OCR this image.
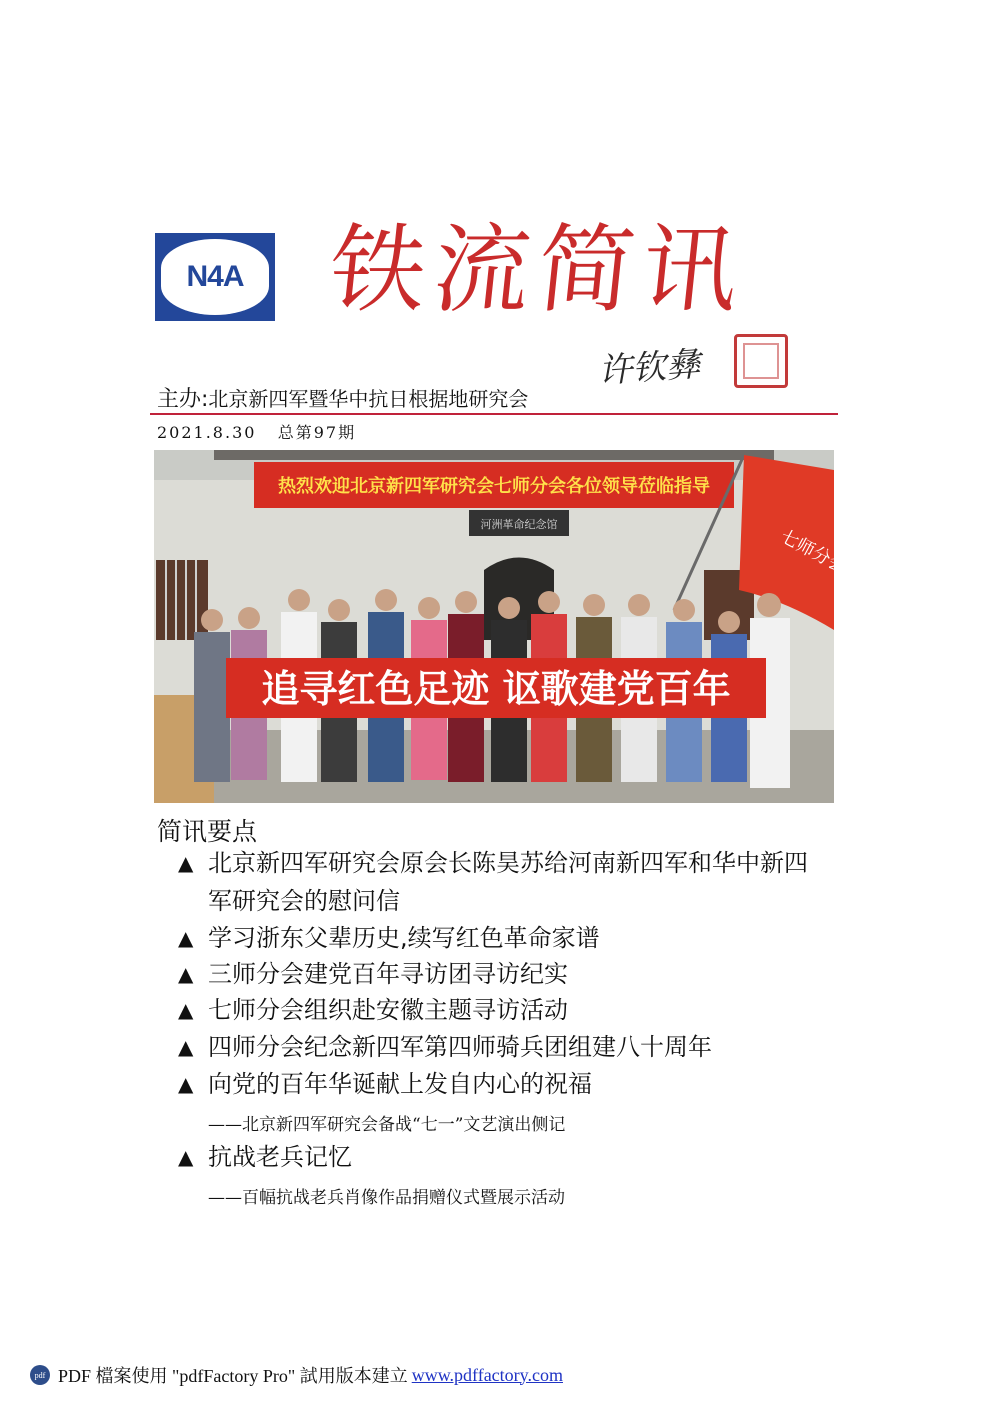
N4A 铁流简讯
许钦彝
主办:北京新四军暨华中抗日根据地研究会
2021.8.30 总第97期
热烈欢迎北京新四军研究会七师分会各位领导莅临指导
河洲革命纪念馆
七师分会
追寻红色足迹 讴歌建党百年
简讯要点
▲ 北京新四军研究会原会长陈昊苏给河南新四军和华中新四军研究会的慰问信
▲ 学习浙东父辈历史,续写红色革命家谱
▲ 三师分会建党百年寻访团寻访纪实
▲ 七师分会组织赴安徽主题寻访活动
▲ 四师分会纪念新四军第四师骑兵团组建八十周年
▲ 向党的百年华诞献上发自内心的祝福
——北京新四军研究会备战“七一”文艺演出侧记
▲ 抗战老兵记忆
——百幅抗战老兵肖像作品捐赠仪式暨展示活动
pdf PDF 檔案使用 "pdfFactory Pro" 試用版本建立 www.pdffactory.com
